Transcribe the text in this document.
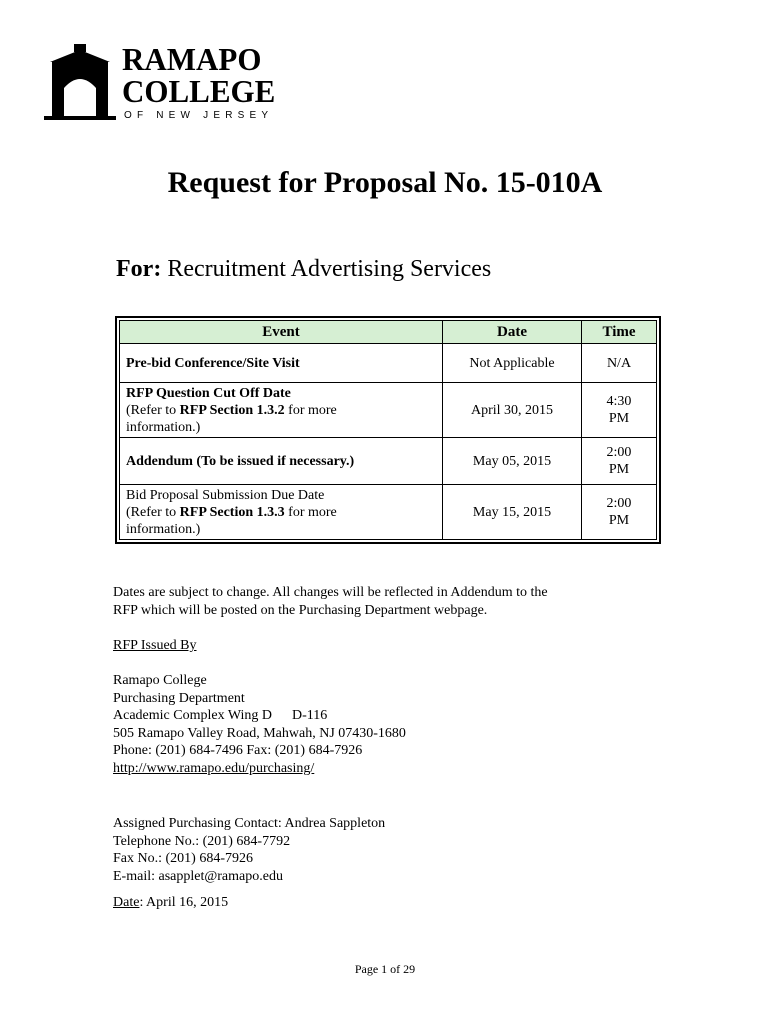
RAMAPO
COLLEGE
OF NEW JERSEY
Request for Proposal No. 15-010A

For: Recruitment Advertising Services

Event	Date	Time
Pre-bid Conference/Site Visit	Not Applicable	N/A
RFP Question Cut Off Date
(Refer to RFP Section 1.3.2 for more
information.)	April 30, 2015	4:30
PM
Addendum (To be issued if necessary.)	May 05, 2015	2:00
PM
Bid Proposal Submission Due Date
(Refer to RFP Section 1.3.3 for more
information.)	May 15, 2015	2:00
PM

Dates are subject to change. All changes will be reflected in Addendum to the
RFP which will be posted on the Purchasing Department webpage.

RFP Issued By

Ramapo College
Purchasing Department
Academic Complex Wing D D-116
505 Ramapo Valley Road, Mahwah, NJ 07430-1680
Phone: (201) 684-7496 Fax: (201) 684-7926
http://www.ramapo.edu/purchasing/

Assigned Purchasing Contact: Andrea Sappleton
Telephone No.: (201) 684-7792
Fax No.: (201) 684-7926
E-mail: asapplet@ramapo.edu

Date: April 16, 2015

Page 1 of 29
